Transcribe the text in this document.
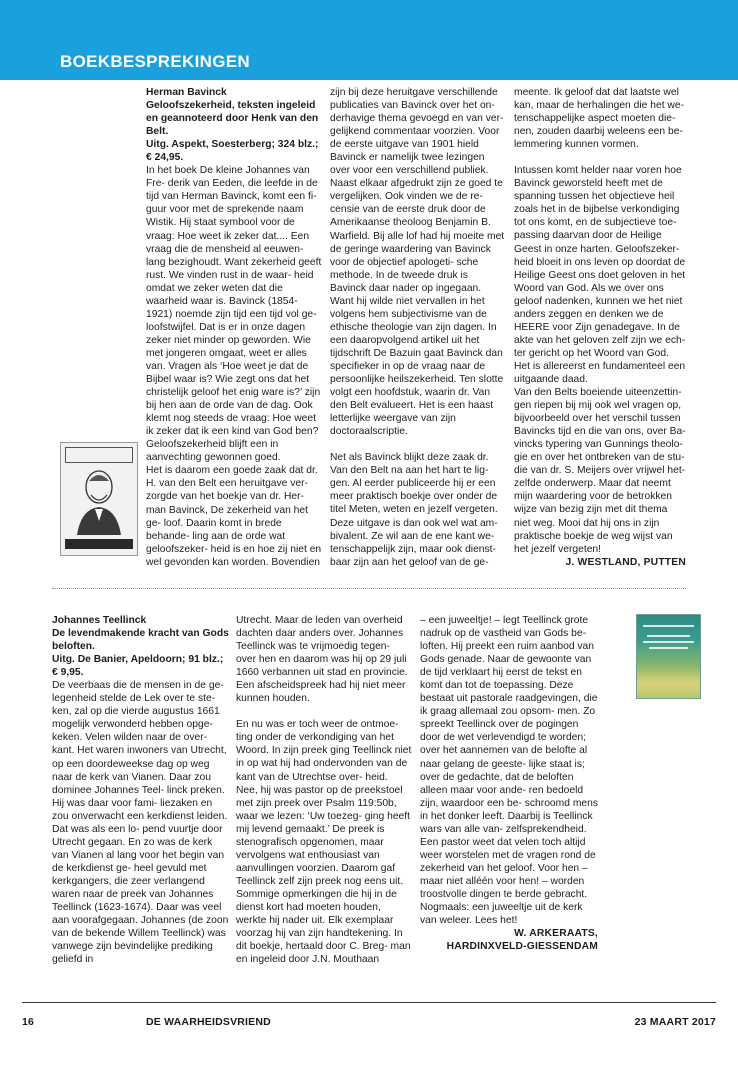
BOEKBESPREKINGEN

Herman Bavinck

Geloofszekerheid, teksten ingeleid en geannoteerd door Henk van den Belt.

Uitg. Aspekt, Soesterberg; 324 blz.;

€ 24,95.

In het boek De kleine Johannes van Fre- derik van Eeden, die leefde in de tijd van Herman Bavinck, komt een fi- guur voor met de sprekende naam Wistik. Hij staat symbool voor de vraag: Hoe weet ik zeker dat.... Een vraag die de mensheid al eeuwen- lang bezighoudt. Want zekerheid geeft rust. We vinden rust in de waar- heid omdat we zeker weten dat die waarheid waar is. Bavinck (1854- 1921) noemde zijn tijd een tijd vol ge- loofstwijfel. Dat is er in onze dagen zeker niet minder op geworden. Wie met jongeren omgaat, weet er alles van. Vragen als ‘Hoe weet je dat de Bijbel waar is? Wie zegt ons dat het christelijk geloof het enig ware is?’ zijn bij hen aan de orde van de dag. Ook klemt nog steeds de vraag: Hoe weet ik zeker dat ik een kind van God ben? Geloofszekerheid blijft een in aanvechting gewonnen goed.

Het is daarom een goede zaak dat dr. H. van den Belt een heruitgave ver- zorgde van het boekje van dr. Her- man Bavinck, De zekerheid van het ge- loof. Daarin komt in brede behande- ling aan de orde wat geloofszeker- heid is en hoe zij niet en wel gevonden kan worden. Bovendien

zijn bij deze heruitgave verschillende publicaties van Bavinck over het on- derhavige thema gevoegd en van ver- gelijkend commentaar voorzien. Voor de eerste uitgave van 1901 hield Bavinck er namelijk twee lezingen over voor een verschillend publiek. Naast elkaar afgedrukt zijn ze goed te vergelijken. Ook vinden we de re- censie van de eerste druk door de Amerikaanse theoloog Benjamin B. Warfield. Bij alle lof had hij moeite met de geringe waardering van Bavinck voor de objectief apologeti- sche methode. In de tweede druk is Bavinck daar nader op ingegaan. Want hij wilde niet vervallen in het volgens hem subjectivisme van de ethische theologie van zijn dagen. In een daaropvolgend artikel uit het tijdschrift De Bazuin gaat Bavinck dan specifieker in op de vraag naar de persoonlijke heilszekerheid. Ten slotte volgt een hoofdstuk, waarin dr. Van den Belt evalueert. Het is een haast letterlijke weergave van zijn doctoraalscriptie.

Net als Bavinck blijkt deze zaak dr. Van den Belt na aan het hart te lig- gen. Al eerder publiceerde hij er een meer praktisch boekje over onder de titel Meten, weten en jezelf vergeten. Deze uitgave is dan ook wel wat am- bivalent. Ze wil aan de ene kant we- tenschappelijk zijn, maar ook dienst- baar zijn aan het geloof van de ge-

meente. Ik geloof dat dat laatste wel kan, maar de herhalingen die het we- tenschappelijke aspect moeten die- nen, zouden daarbij weleens een be- lemmering kunnen vormen.

Intussen komt helder naar voren hoe Bavinck geworsteld heeft met de spanning tussen het objectieve heil zoals het in de bijbelse verkondiging tot ons komt, en de subjectieve toe- passing daarvan door de Heilige Geest in onze harten. Geloofszeker- heid bloeit in ons leven op doordat de Heilige Geest ons doet geloven in het Woord van God. Als we over ons geloof nadenken, kunnen we het niet anders zeggen en denken we de HEERE voor Zijn genadegave. In de akte van het geloven zelf zijn we ech- ter gericht op het Woord van God. Het is allereerst en fundamenteel een uitgaande daad.

Van den Belts boeiende uiteenzettin- gen riepen bij mij ook wel vragen op, bijvoorbeeld over het verschil tussen Bavincks tijd en die van ons, over Ba- vincks typering van Gunnings theolo- gie en over het ontbreken van de stu- die van dr. S. Meijers over vrijwel het- zelfde onderwerp. Maar dat neemt mijn waardering voor de betrokken wijze van bezig zijn met dit thema niet weg. Mooi dat hij ons in zijn praktische boekje de weg wijst van het jezelf vergeten!

J. WESTLAND, PUTTEN

Johannes Teellinck

De levendmakende kracht van Gods beloften.

Uitg. De Banier, Apeldoorn; 91 blz.;

€ 9,95.

De veerbaas die de mensen in de ge- legenheid stelde de Lek over te ste- ken, zal op die vierde augustus 1661 mogelijk verwonderd hebben opge- keken. Velen wilden naar de over- kant. Het waren inwoners van Utrecht, op een doordeweekse dag op weg naar de kerk van Vianen. Daar zou dominee Johannes Teel- linck preken. Hij was daar voor fami- liezaken en zou onverwacht een kerkdienst leiden. Dat was als een lo- pend vuurtje door Utrecht gegaan. En zo was de kerk van Vianen al lang voor het begin van de kerkdienst ge- heel gevuld met kerkgangers, die zeer verlangend waren naar de preek van Johannes Teellinck (1623-1674). Daar was veel aan voorafgegaan. Johannes (de zoon van de bekende Willem Teellinck) was vanwege zijn bevindelijke prediking geliefd in

Utrecht. Maar de leden van overheid dachten daar anders over. Johannes Teellinck was te vrijmoedig tegen- over hen en daarom was hij op 29 juli 1660 verbannen uit stad en provincie. Een afscheidspreek had hij niet meer kunnen houden.

En nu was er toch weer de ontmoe- ting onder de verkondiging van het Woord. In zijn preek ging Teellinck niet in op wat hij had ondervonden van de kant van de Utrechtse over- heid. Nee, hij was pastor op de preekstoel met zijn preek over Psalm 119:50b, waar we lezen: ‘Uw toezeg- ging heeft mij levend gemaakt.’ De preek is stenografisch opgenomen, maar vervolgens wat enthousiast van aanvullingen voorzien. Daarom gaf Teellinck zelf zijn preek nog eens uit. Sommige opmerkingen die hij in de dienst kort had moeten houden, werkte hij nader uit. Elk exemplaar voorzag hij van zijn handtekening. In dit boekje, hertaald door C. Breg- man en ingeleid door J.N. Mouthaan

– een juweeltje! – legt Teellinck grote nadruk op de vastheid van Gods be- loften. Hij preekt een ruim aanbod van Gods genade. Naar de gewoonte van de tijd verklaart hij eerst de tekst en komt dan tot de toepassing. Deze bestaat uit pastorale raadgevingen, die ik graag allemaal zou opsom- men. Zo spreekt Teellinck over de pogingen door de wet verlevendigd te worden; over het aannemen van de belofte al naar gelang de geeste- lijke staat is; over de gedachte, dat de beloften alleen maar voor ande- ren bedoeld zijn, waardoor een be- schroomd mens in het donker leeft. Daarbij is Teellinck wars van alle van- zelfsprekendheid.

Een pastor weet dat velen toch altijd weer worstelen met de vragen rond de zekerheid van het geloof. Voor hen – maar niet alléén voor hen! – worden troostvolle dingen te berde gebracht. Nogmaals: een juweeltje uit de kerk van weleer. Lees het!

W. ARKERAATS,

HARDINXVELD-GIESSENDAM

16	DE WAARHEIDSVRIEND	23 MAART 2017
